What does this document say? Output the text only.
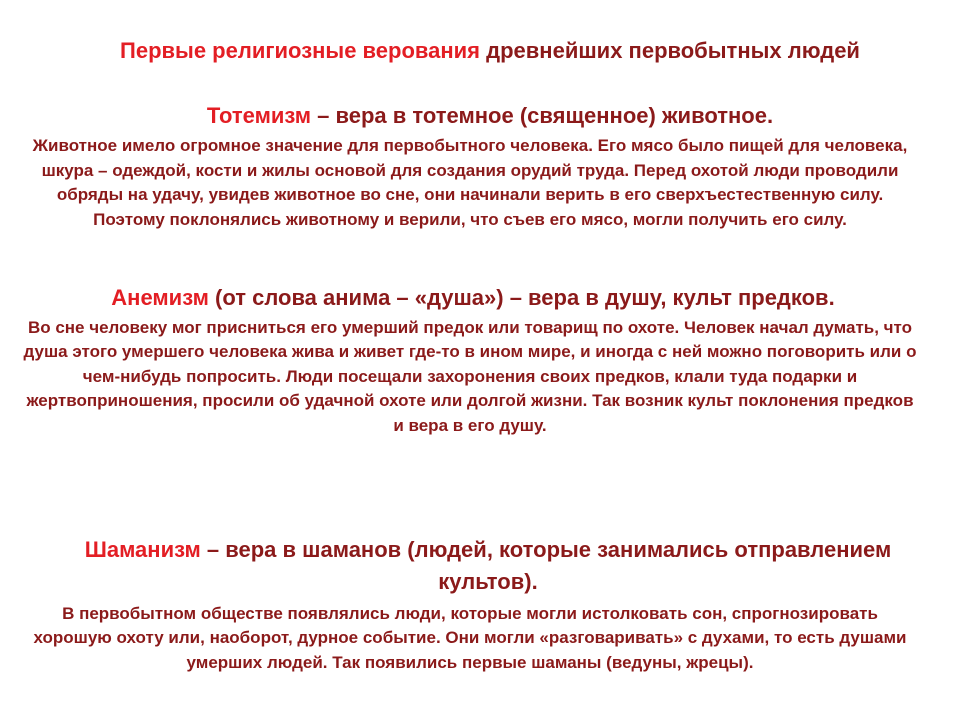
Первые религиозные верования древнейших первобытных людей

Тотемизм – вера в тотемное (священное) животное.

Животное имело огромное значение для первобытного человека. Его мясо было пищей для человека, шкура – одеждой, кости и жилы основой для создания орудий труда. Перед охотой люди проводили обряды на удачу, увидев животное во сне, они начинали верить в его сверхъестественную силу. Поэтому поклонялись животному и верили, что съев его мясо, могли получить его силу.

Анемизм (от слова анима – «душа») – вера в душу, культ предков.

Во сне человеку мог присниться его умерший предок или товарищ по охоте. Человек начал думать, что душа этого умершего человека жива и живет где-то в ином мире, и иногда с ней можно поговорить или о чем-нибудь попросить. Люди посещали захоронения своих предков, клали туда подарки и жертвоприношения, просили об удачной охоте или долгой жизни. Так возник культ поклонения предков и вера в его душу.

Шаманизм – вера в шаманов (людей, которые занимались отправлением культов).

В первобытном обществе появлялись люди, которые могли истолковать сон, спрогнозировать хорошую охоту или, наоборот, дурное событие. Они могли «разговаривать» с духами, то есть душами умерших людей. Так появились первые шаманы (ведуны, жрецы).
